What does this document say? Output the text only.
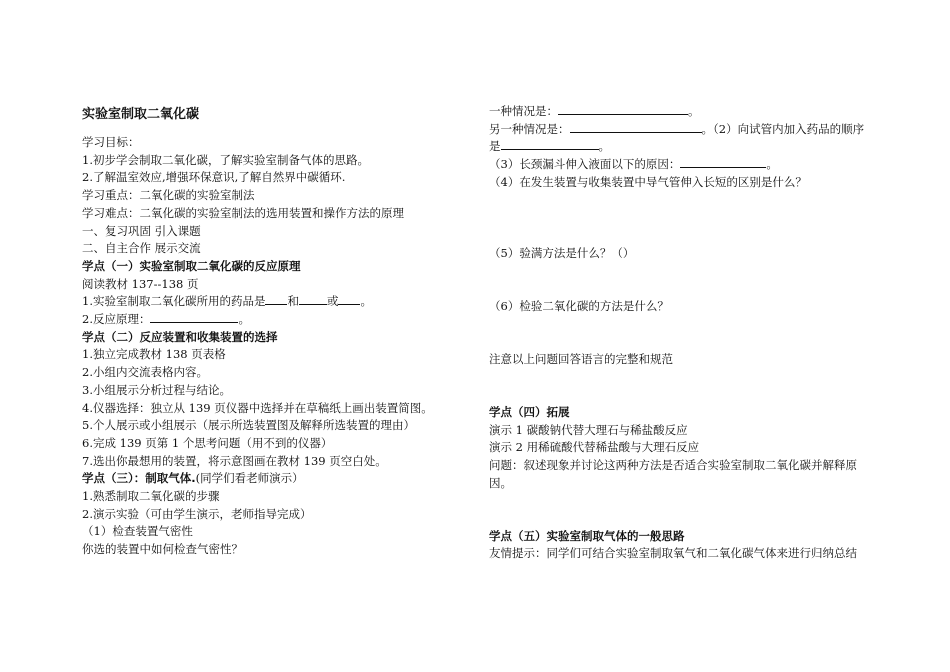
实验室制取二氧化碳
学习目标：
1.初步学会制取二氧化碳，了解实验室制备气体的思路。
2.了解温室效应,增强环保意识,了解自然界中碳循环.
学习重点：二氧化碳的实验室制法
学习难点：二氧化碳的实验室制法的选用装置和操作方法的原理
一、复习巩固 引入课题
二、自主合作 展示交流
学点（一）实验室制取二氧化碳的反应原理
阅读教材 137--138 页
1.实验室制取二氧化碳所用的药品是 和 或 。
2.反应原理：	。
学点（二）反应装置和收集装置的选择
1.独立完成教材 138 页表格
2.小组内交流表格内容。
3.小组展示分析过程与结论。
4.仪器选择：独立从 139 页仪器中选择并在草稿纸上画出装置简图。
5.个人展示或小组展示（展示所选装置图及解释所选装置的理由）
6.完成 139 页第 1 个思考问题（用不到的仪器）
7.选出你最想用的装置，将示意图画在教材 139 页空白处。
学点（三）：制取气体.(同学们看老师演示）
1.熟悉制取二氧化碳的步骤
2.演示实验（可由学生演示，老师指导完成）
（1）检查装置气密性
你选的装置中如何检查气密性？
一种情况是：	。
另一种情况是：	。（2）向试管内加入药品的顺序
是	。
（3）长颈漏斗伸入液面以下的原因：	。
（4）在发生装置与收集装置中导气管伸入长短的区别是什么？
（5）验满方法是什么？（）
（6）检验二氧化碳的方法是什么？
注意以上问题回答语言的完整和规范
学点（四）拓展
演示 1 碳酸钠代替大理石与稀盐酸反应
演示 2 用稀硫酸代替稀盐酸与大理石反应
问题：叙述现象并讨论这两种方法是否适合实验室制取二氧化碳并解释原因。
学点（五）实验室制取气体的一般思路
友情提示：同学们可结合实验室制取氧气和二氧化碳气体来进行归纳总结
